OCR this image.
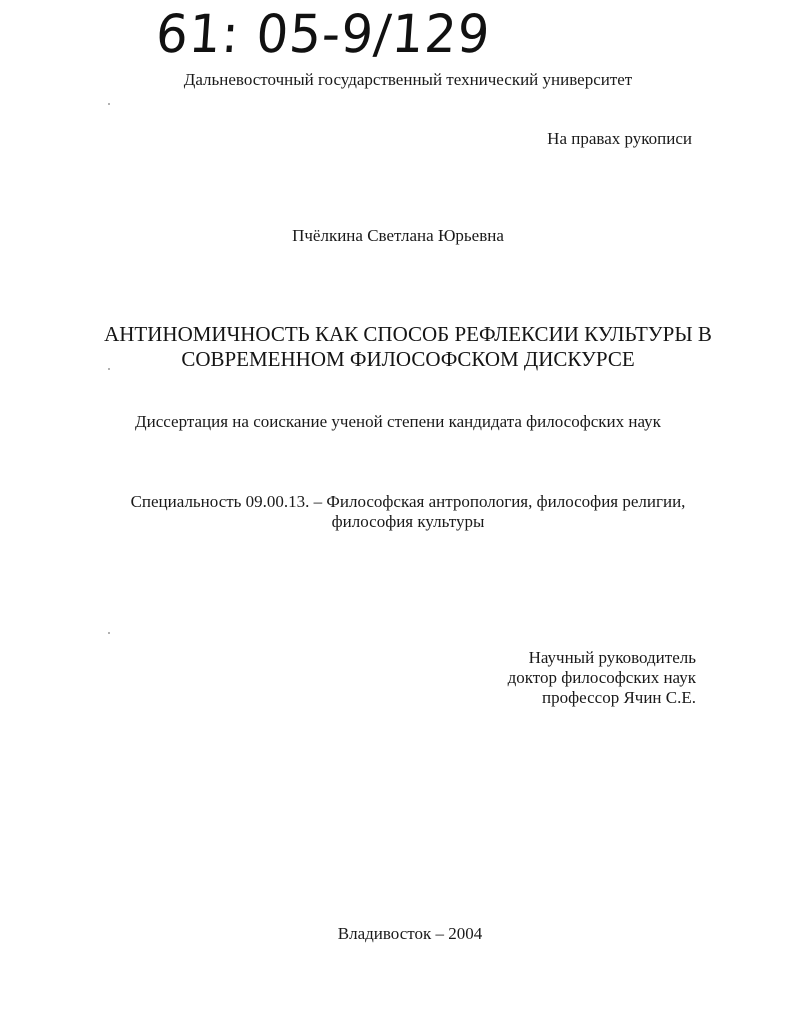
61: 05-9/129
Дальневосточный государственный технический университет
На правах рукописи
Пчёлкина Светлана Юрьевна
АНТИНОМИЧНОСТЬ КАК СПОСОБ РЕФЛЕКСИИ КУЛЬТУРЫ В
СОВРЕМЕННОМ ФИЛОСОФСКОМ ДИСКУРСЕ
Диссертация на соискание ученой степени кандидата философских наук
Специальность 09.00.13. – Философская антропология, философия религии,
философия культуры
Научный руководитель
доктор философских наук
профессор Ячин С.Е.
Владивосток – 2004
